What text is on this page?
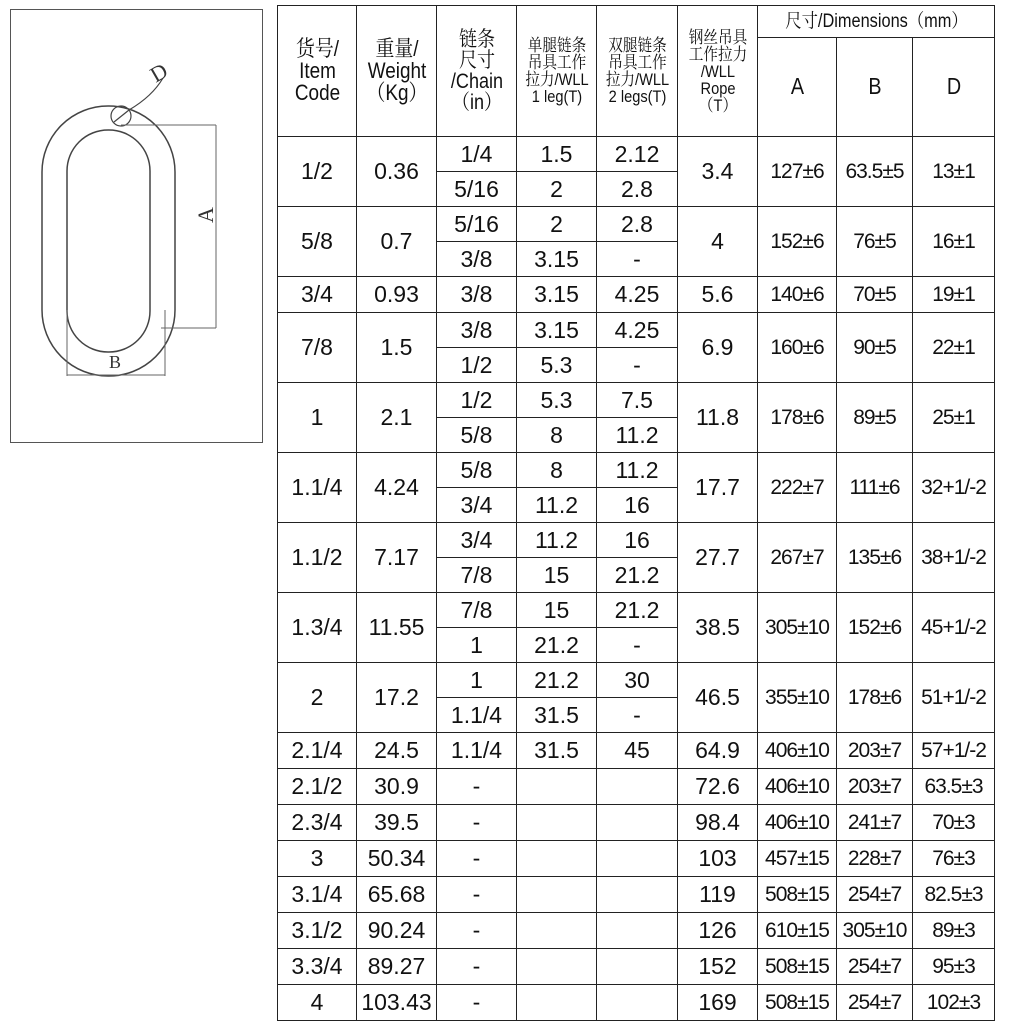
D
A
B
货号/
Item
Code	重量/
Weight
（Kg）	链条
尺寸
/Chain
（in）	单腿链条
吊具工作
拉力/WLL
1 leg(T)	双腿链条
吊具工作
拉力/WLL
2 legs(T)	钢丝吊具
工作拉力
/WLL Rope
（T）	尺寸/Dimensions（mm）		
						A	B	D
1/2	0.36	1/4	1.5	2.12	3.4	127±6	63.5±5	13±1
		5/16	2	2.8				
5/8	0.7	5/16	2	2.8	4	152±6	76±5	16±1
		3/8	3.15	-				
3/4	0.93	3/8	3.15	4.25	5.6	140±6	70±5	19±1
7/8	1.5	3/8	3.15	4.25	6.9	160±6	90±5	22±1
		1/2	5.3	-				
1	2.1	1/2	5.3	7.5	11.8	178±6	89±5	25±1
		5/8	8	11.2				
1.1/4	4.24	5/8	8	11.2	17.7	222±7	111±6	32+1/-2
		3/4	11.2	16				
1.1/2	7.17	3/4	11.2	16	27.7	267±7	135±6	38+1/-2
		7/8	15	21.2				
1.3/4	11.55	7/8	15	21.2	38.5	305±10	152±6	45+1/-2
		1	21.2	-				
2	17.2	1	21.2	30	46.5	355±10	178±6	51+1/-2
		1.1/4	31.5	-				
2.1/4	24.5	1.1/4	31.5	45	64.9	406±10	203±7	57+1/-2
2.1/2	30.9	-			72.6	406±10	203±7	63.5±3
2.3/4	39.5	-			98.4	406±10	241±7	70±3
3	50.34	-			103	457±15	228±7	76±3
3.1/4	65.68	-			119	508±15	254±7	82.5±3
3.1/2	90.24	-			126	610±15	305±10	89±3
3.3/4	89.27	-			152	508±15	254±7	95±3
4	103.43	-			169	508±15	254±7	102±3
